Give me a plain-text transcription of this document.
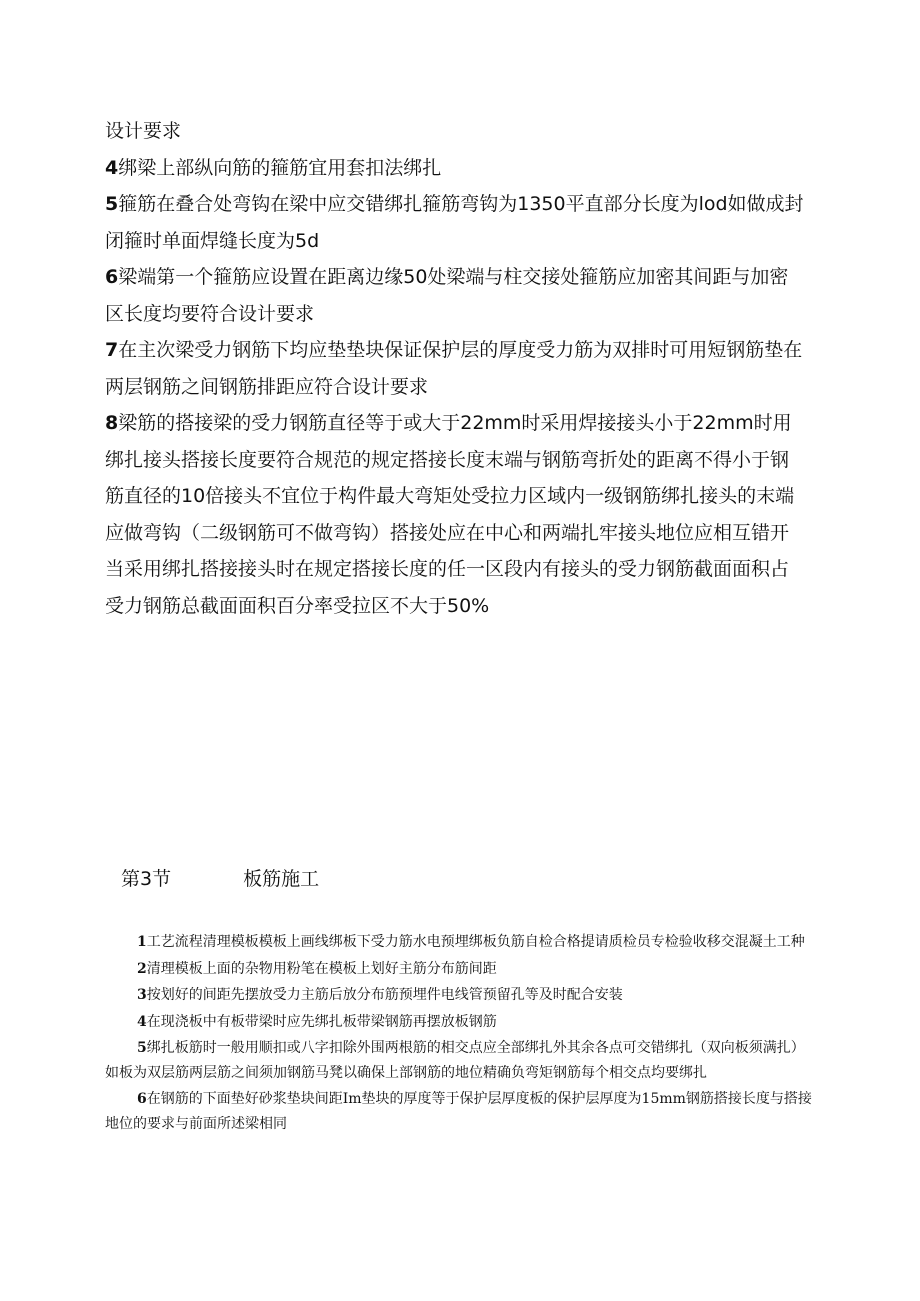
设计要求

4绑梁上部纵向筋的箍筋宜用套扣法绑扎

5箍筋在叠合处弯钩在梁中应交错绑扎箍筋弯钩为1350平直部分长度为lod如做成封闭箍时单面焊缝长度为5d

6梁端第一个箍筋应设置在距离边缘50处梁端与柱交接处箍筋应加密其间距与加密区长度均要符合设计要求

7在主次梁受力钢筋下均应垫垫块保证保护层的厚度受力筋为双排时可用短钢筋垫在两层钢筋之间钢筋排距应符合设计要求

8梁筋的搭接梁的受力钢筋直径等于或大于22mm时采用焊接接头小于22mm时用绑扎接头搭接长度要符合规范的规定搭接长度末端与钢筋弯折处的距离不得小于钢筋直径的10倍接头不宜位于构件最大弯矩处受拉力区域内一级钢筋绑扎接头的末端应做弯钩（二级钢筋可不做弯钩）搭接处应在中心和两端扎牢接头地位应相互错开当采用绑扎搭接接头时在规定搭接长度的任一区段内有接头的受力钢筋截面面积占受力钢筋总截面面积百分率受拉区不大于50%

第3节	板筋施工

1工艺流程清理模板模板上画线绑板下受力筋水电预埋绑板负筋自检合格提请质检员专检验收移交混凝土工种

2清理模板上面的杂物用粉笔在模板上划好主筋分布筋间距

3按划好的间距先摆放受力主筋后放分布筋预埋件电线管预留孔等及时配合安装

4在现浇板中有板带梁时应先绑扎板带梁钢筋再摆放板钢筋

5绑扎板筋时一般用顺扣或八字扣除外围两根筋的相交点应全部绑扎外其余各点可交错绑扎（双向板须满扎）如板为双层筋两层筋之间须加钢筋马凳以确保上部钢筋的地位精确负弯矩钢筋每个相交点均要绑扎

6在钢筋的下面垫好砂浆垫块间距Im垫块的厚度等于保护层厚度板的保护层厚度为15mm钢筋搭接长度与搭接地位的要求与前面所述梁相同
